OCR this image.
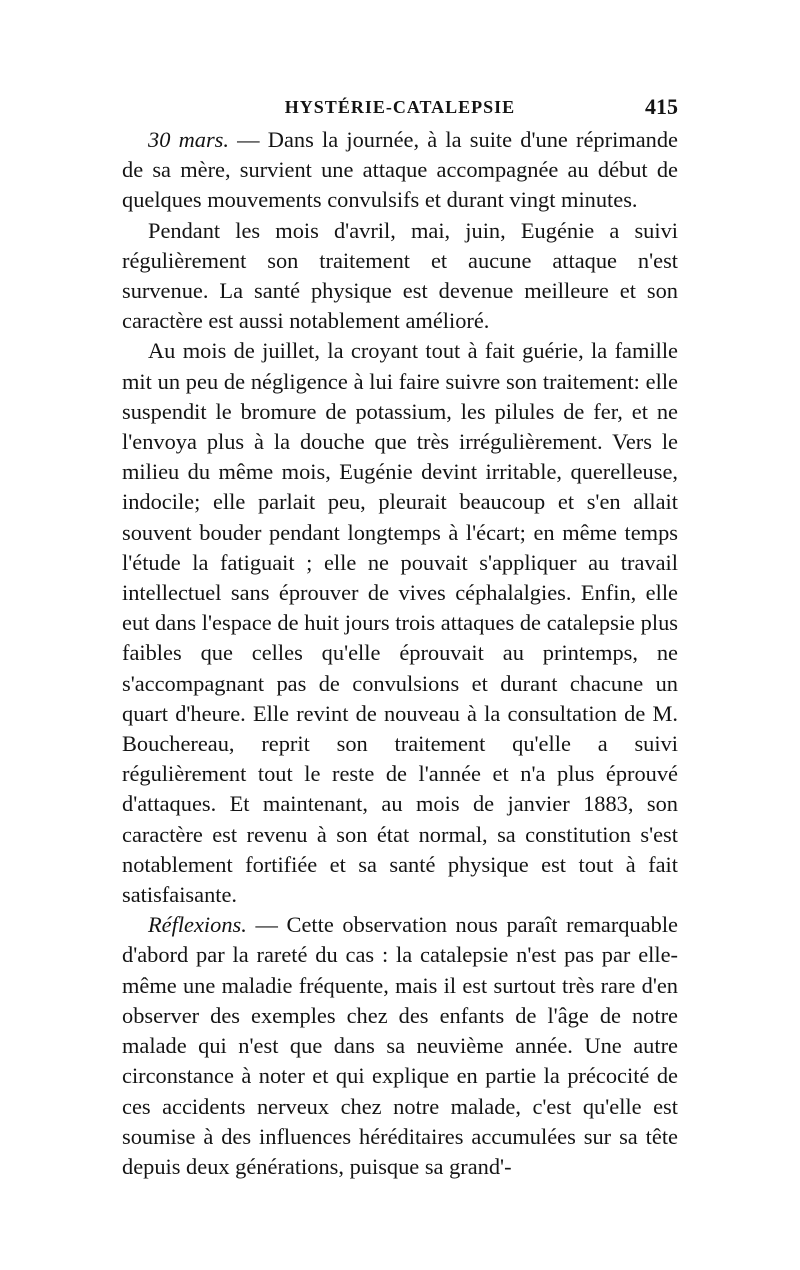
HYSTÉRIE-CATALEPSIE	415

30 mars. — Dans la journée, à la suite d'une réprimande de sa mère, survient une attaque accompagnée au début de quelques mouvements convulsifs et durant vingt minutes.

Pendant les mois d'avril, mai, juin, Eugénie a suivi régulièrement son traitement et aucune attaque n'est survenue. La santé physique est devenue meilleure et son caractère est aussi notablement amélioré.

Au mois de juillet, la croyant tout à fait guérie, la famille mit un peu de négligence à lui faire suivre son traitement: elle suspendit le bromure de potassium, les pilules de fer, et ne l'envoya plus à la douche que très irrégulièrement. Vers le milieu du même mois, Eugénie devint irritable, querelleuse, indocile; elle parlait peu, pleurait beaucoup et s'en allait souvent bouder pendant longtemps à l'écart; en même temps l'étude la fatiguait ; elle ne pouvait s'appliquer au travail intellectuel sans éprouver de vives céphalalgies. Enfin, elle eut dans l'espace de huit jours trois attaques de catalepsie plus faibles que celles qu'elle éprouvait au printemps, ne s'accompagnant pas de convulsions et durant chacune un quart d'heure. Elle revint de nouveau à la consultation de M. Bouchereau, reprit son traitement qu'elle a suivi régulièrement tout le reste de l'année et n'a plus éprouvé d'attaques. Et maintenant, au mois de janvier 1883, son caractère est revenu à son état normal, sa constitution s'est notablement fortifiée et sa santé physique est tout à fait satisfaisante.

Réflexions. — Cette observation nous paraît remarquable d'abord par la rareté du cas : la catalepsie n'est pas par elle-même une maladie fréquente, mais il est surtout très rare d'en observer des exemples chez des enfants de l'âge de notre malade qui n'est que dans sa neuvième année. Une autre circonstance à noter et qui explique en partie la précocité de ces accidents nerveux chez notre malade, c'est qu'elle est soumise à des influences héréditaires accumulées sur sa tête depuis deux générations, puisque sa grand'-
